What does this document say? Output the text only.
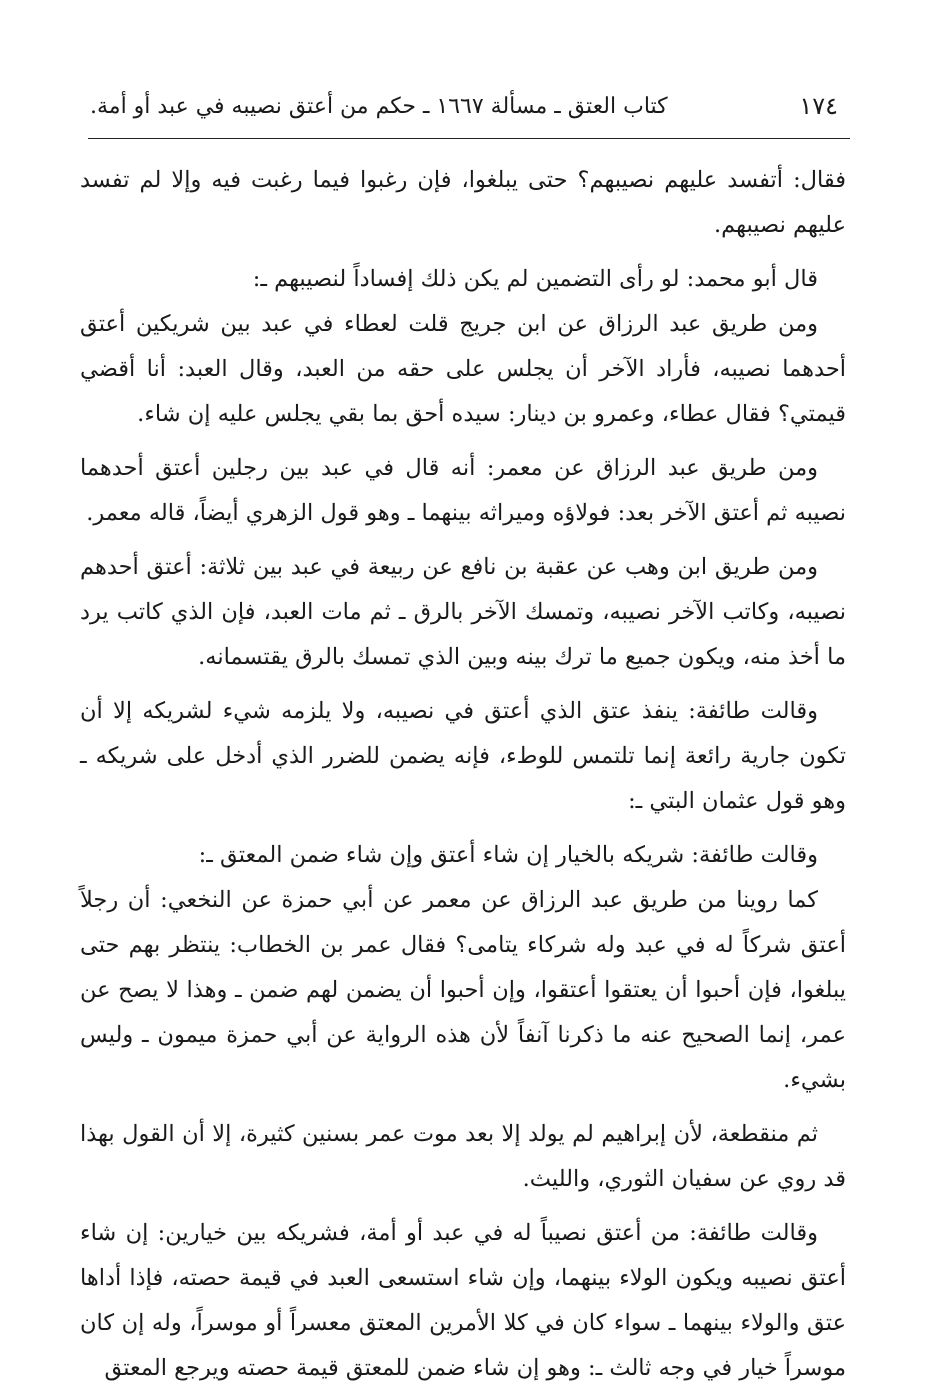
١٧٤
كتاب العتق ـ مسألة ١٦٦٧ ـ حكم من أعتق نصيبه في عبد أو أمة.

فقال: أتفسد عليهم نصيبهم؟ حتى يبلغوا، فإن رغبوا فيما رغبت فيه وإلا لم تفسد عليهم نصيبهم.

قال أبو محمد: لو رأى التضمين لم يكن ذلك إفساداً لنصيبهم ـ:

ومن طريق عبد الرزاق عن ابن جريج قلت لعطاء في عبد بين شريكين أعتق أحدهما نصيبه، فأراد الآخر أن يجلس على حقه من العبد، وقال العبد: أنا أقضي قيمتي؟ فقال عطاء، وعمرو بن دينار: سيده أحق بما بقي يجلس عليه إن شاء.

ومن طريق عبد الرزاق عن معمر: أنه قال في عبد بين رجلين أعتق أحدهما نصيبه ثم أعتق الآخر بعد: فولاؤه وميراثه بينهما ـ وهو قول الزهري أيضاً، قاله معمر.

ومن طريق ابن وهب عن عقبة بن نافع عن ربيعة في عبد بين ثلاثة: أعتق أحدهم نصيبه، وكاتب الآخر نصيبه، وتمسك الآخر بالرق ـ ثم مات العبد، فإن الذي كاتب يرد ما أخذ منه، ويكون جميع ما ترك بينه وبين الذي تمسك بالرق يقتسمانه.

وقالت طائفة: ينفذ عتق الذي أعتق في نصيبه، ولا يلزمه شيء لشريكه إلا أن تكون جارية رائعة إنما تلتمس للوطء، فإنه يضمن للضرر الذي أدخل على شريكه ـ وهو قول عثمان البتي ـ:

وقالت طائفة: شريكه بالخيار إن شاء أعتق وإن شاء ضمن المعتق ـ:

كما روينا من طريق عبد الرزاق عن معمر عن أبي حمزة عن النخعي: أن رجلاً أعتق شركاً له في عبد وله شركاء يتامى؟ فقال عمر بن الخطاب: ينتظر بهم حتى يبلغوا، فإن أحبوا أن يعتقوا أعتقوا، وإن أحبوا أن يضمن لهم ضمن ـ وهذا لا يصح عن عمر، إنما الصحيح عنه ما ذكرنا آنفاً لأن هذه الرواية عن أبي حمزة ميمون ـ وليس بشيء.

ثم منقطعة، لأن إبراهيم لم يولد إلا بعد موت عمر بسنين كثيرة، إلا أن القول بهذا قد روي عن سفيان الثوري، والليث.

وقالت طائفة: من أعتق نصيباً له في عبد أو أمة، فشريكه بين خيارين: إن شاء أعتق نصيبه ويكون الولاء بينهما، وإن شاء استسعى العبد في قيمة حصته، فإذا أداها عتق والولاء بينهما ـ سواء كان في كلا الأمرين المعتق معسراً أو موسراً، وله إن كان موسراً خيار في وجه ثالث ـ: وهو إن شاء ضمن للمعتق قيمة حصته ويرجع المعتق
